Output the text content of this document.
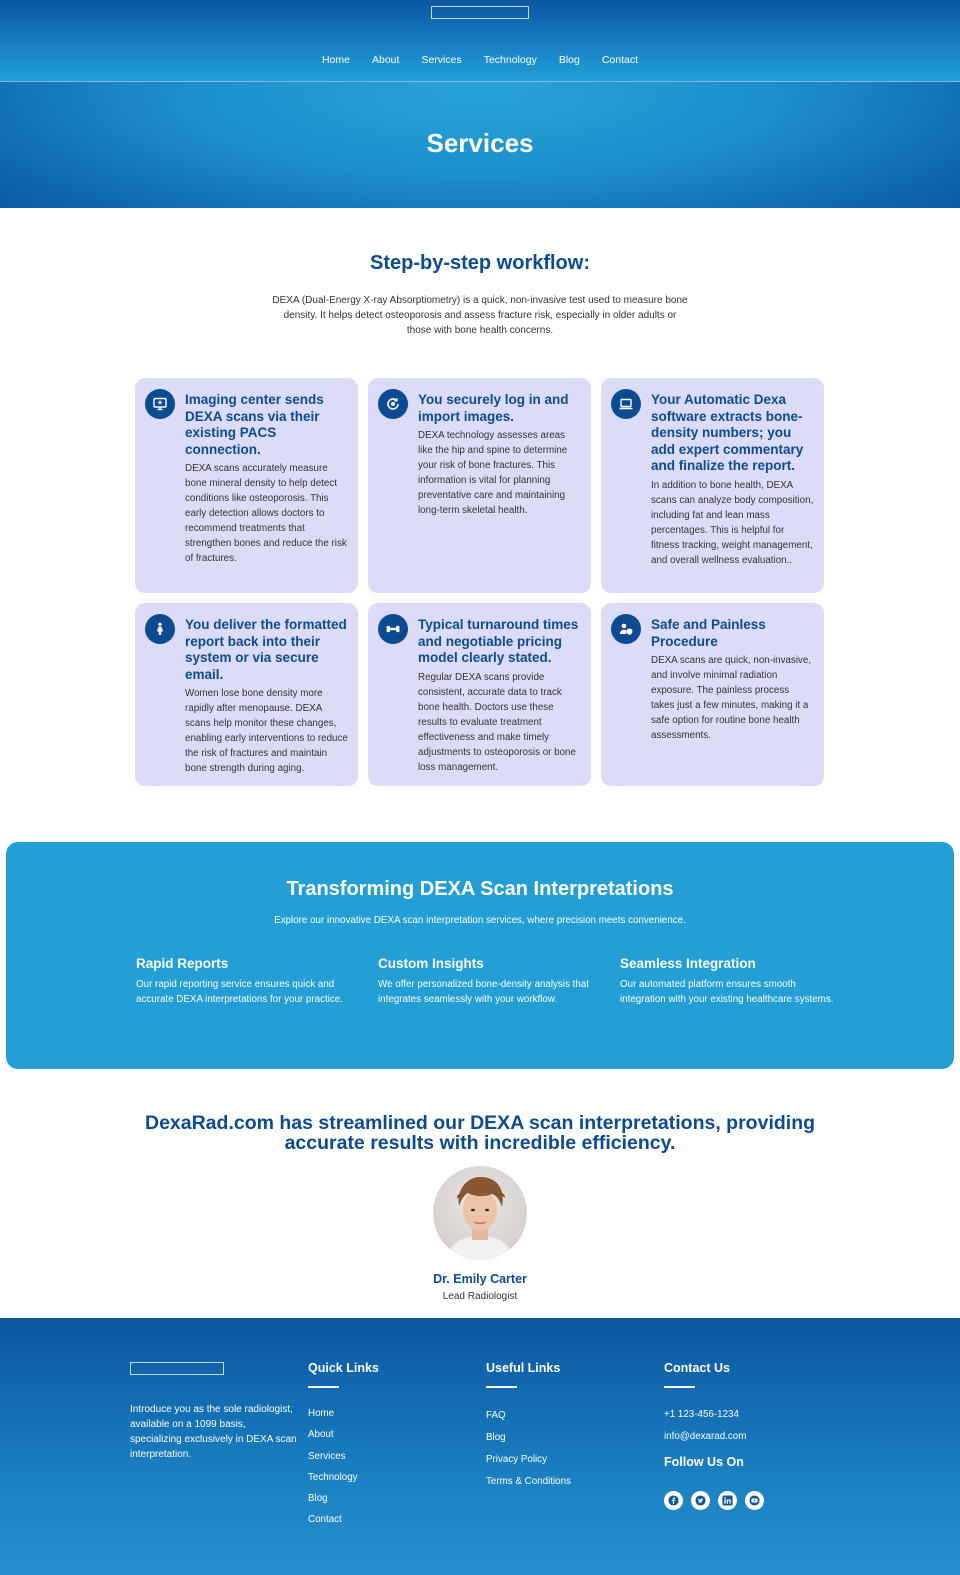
Home	About	Services	Technology	Blog	Contact
Services
Step-by-step workflow:

DEXA (Dual-Energy X-ray Absorptiometry) is a quick, non-invasive test used to measure bone density. It helps detect osteoporosis and assess fracture risk, especially in older adults or those with bone health concerns.

Imaging center sends DEXA scans via their existing PACS connection.
DEXA scans accurately measure bone mineral density to help detect conditions like osteoporosis. This early detection allows doctors to recommend treatments that strengthen bones and reduce the risk of fractures.
You securely log in and import images.
DEXA technology assesses areas like the hip and spine to determine your risk of bone fractures. This information is vital for planning preventative care and maintaining long-term skeletal health.
Your Automatic Dexa software extracts bone-density numbers; you add expert commentary and finalize the report.
In addition to bone health, DEXA scans can analyze body composition, including fat and lean mass percentages. This is helpful for fitness tracking, weight management, and overall wellness evaluation..
You deliver the formatted report back into their system or via secure email.
Women lose bone density more rapidly after menopause. DEXA scans help monitor these changes, enabling early interventions to reduce the risk of fractures and maintain bone strength during aging.
Typical turnaround times and negotiable pricing model clearly stated.
Regular DEXA scans provide consistent, accurate data to track bone health. Doctors use these results to evaluate treatment effectiveness and make timely adjustments to osteoporosis or bone loss management.
Safe and Painless Procedure
DEXA scans are quick, non-invasive, and involve minimal radiation exposure. The painless process takes just a few minutes, making it a safe option for routine bone health assessments.
Transforming DEXA Scan Interpretations

Explore our innovative DEXA scan interpretation services, where precision meets convenience.

Rapid Reports

Our rapid reporting service ensures quick and accurate DEXA interpretations for your practice.

Custom Insights

We offer personalized bone-density analysis that integrates seamlessly with your workflow.

Seamless Integration

Our automated platform ensures smooth integration with your existing healthcare systems.

DexaRad.com has streamlined our DEXA scan interpretations, providing accurate results with incredible efficiency.

Dr. Emily Carter
Lead Radiologist

Introduce you as the sole radiologist, available on a 1099 basis, specializing exclusively in DEXA scan interpretation.

Quick Links
Home
About
Services
Technology
Blog
Contact
Useful Links
FAQ
Blog
Privacy Policy
Terms & Conditions
Contact Us
+1 123-456-1234
info@dexarad.com
Follow Us On
